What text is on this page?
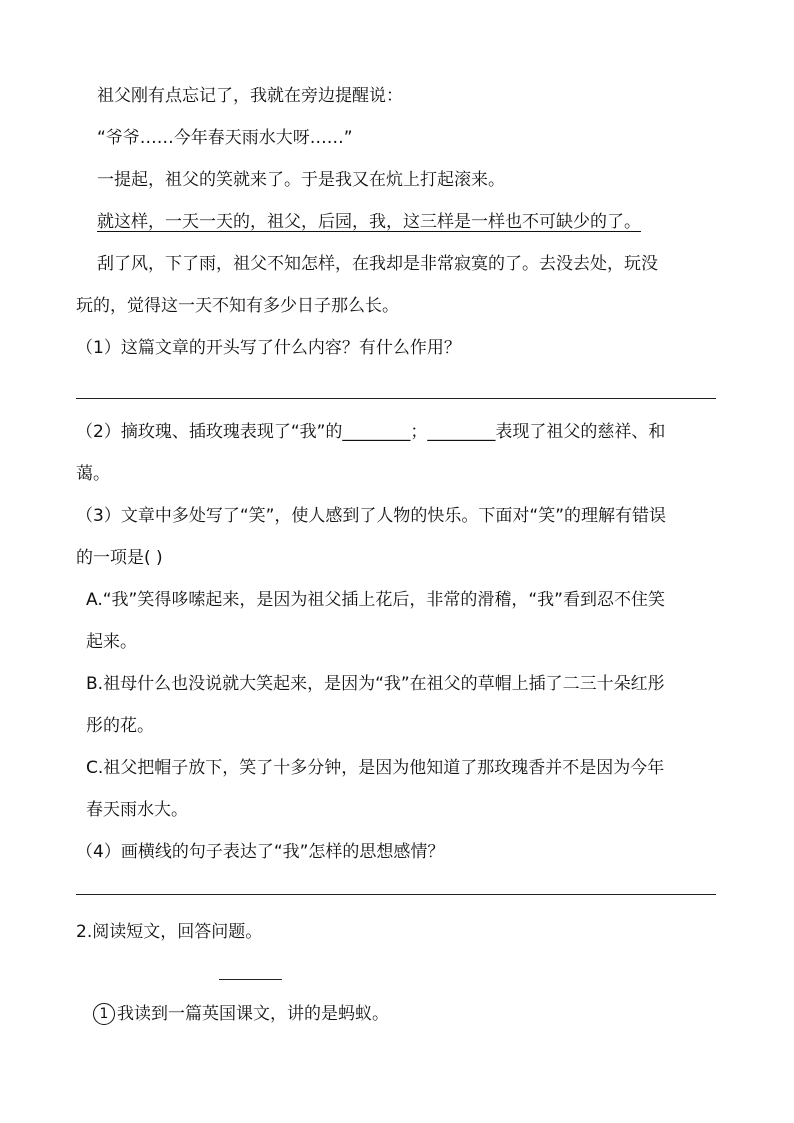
祖父刚有点忘记了，我就在旁边提醒说：
“爷爷……今年春天雨水大呀……”
一提起，祖父的笑就来了。于是我又在炕上打起滚来。
就这样，一天一天的，祖父，后园，我，这三样是一样也不可缺少的了。
刮了风，下了雨，祖父不知怎样，在我却是非常寂寞的了。去没去处，玩没
玩的，觉得这一天不知有多少日子那么长。
（1）这篇文章的开头写了什么内容？有什么作用？
（2）摘玫瑰、插玫瑰表现了“我”的________；________表现了祖父的慈祥、和
蔼。
（3）文章中多处写了“笑”，使人感到了人物的快乐。下面对“笑”的理解有错误
的一项是( )
A.“我”笑得哆嗦起来，是因为祖父插上花后，非常的滑稽，“我”看到忍不住笑
起来。
B.祖母什么也没说就大笑起来，是因为“我”在祖父的草帽上插了二三十朵红彤
彤的花。
C.祖父把帽子放下，笑了十多分钟，是因为他知道了那玫瑰香并不是因为今年
春天雨水大。
（4）画横线的句子表达了“我”怎样的思想感情？
2.阅读短文，回答问题。
1 我读到一篇英国课文，讲的是蚂蚁。
